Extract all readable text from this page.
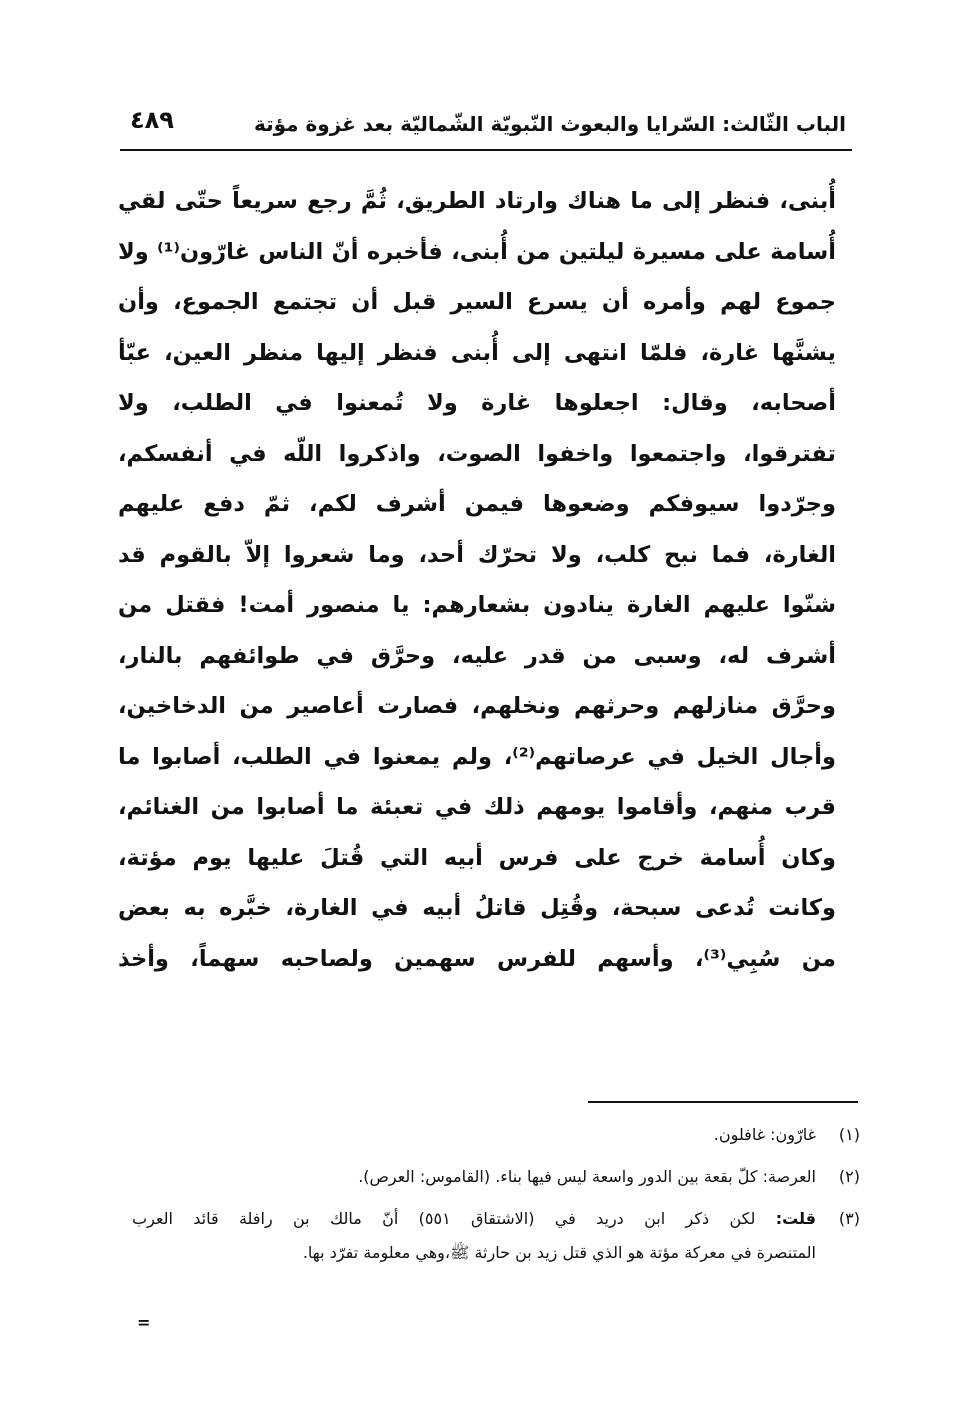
الباب الثّالث: السّرايا والبعوث النّبويّة الشّماليّة بعد غزوة مؤتة
٤٨٩
أُبنى، فنظر إلى ما هناك وارتاد الطريق، ثُمَّ رجع سريعاً حتّى لقي
أُسامة على مسيرة ليلتين من أُبنى، فأخبره أنّ الناس غارّون⁽¹⁾ ولا
جموع لهم وأمره أن يسرع السير قبل أن تجتمع الجموع، وأن
يشنَّها غارة، فلمّا انتهى إلى أُبنى فنظر إليها منظر العين، عبّأ
أصحابه، وقال: اجعلوها غارة ولا تُمعنوا في الطلب، ولا
تفترقوا، واجتمعوا واخفوا الصوت، واذكروا اللّه في أنفسكم،
وجرّدوا سيوفكم وضعوها فيمن أشرف لكم، ثمّ دفع عليهم
الغارة، فما نبح كلب، ولا تحرّك أحد، وما شعروا إلاّ بالقوم قد
شنّوا عليهم الغارة ينادون بشعارهم: يا منصور أمت! فقتل من
أشرف له، وسبى من قدر عليه، وحرَّق في طوائفهم بالنار،
وحرَّق منازلهم وحرثهم ونخلهم، فصارت أعاصير من الدخاخين،
وأجال الخيل في عرصاتهم⁽²⁾، ولم يمعنوا في الطلب، أصابوا ما
قرب منهم، وأقاموا يومهم ذلك في تعبئة ما أصابوا من الغنائم،
وكان أُسامة خرج على فرس أبيه التي قُتلَ عليها يوم مؤتة،
وكانت تُدعى سبحة، وقُتِل قاتلُ أبيه في الغارة، خبَّره به بعض
من سُبِي⁽³⁾، وأسهم للفرس سهمين ولصاحبه سهماً، وأخذ
(١)
غارّون: غافلون.
(٢)
العرصة: كلّ بقعة بين الدور واسعة ليس فيها بناء. (القاموس: العرص).
(٣)
قلت: لكن ذكر ابن دريد في (الاشتقاق ٥٥١) أنّ مالك بن رافلة قائد العرب
المتنصرة في معركة مؤتة هو الذي قتل زيد بن حارثة ﷺ،وهي معلومة تفرّد بها.
=
